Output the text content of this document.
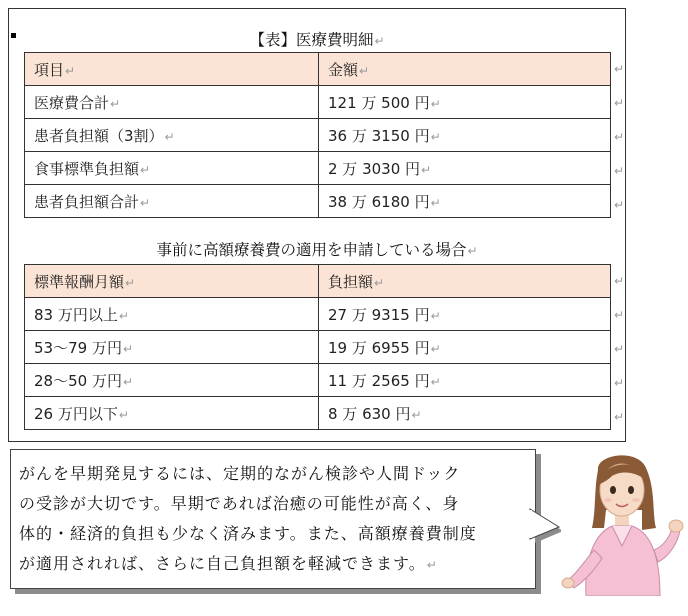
【表】医療費明細↵
項目↵	金額↵
医療費合計↵	121 万 500 円↵
患者負担額（3割）↵	36 万 3150 円↵
食事標準負担額↵	2 万 3030 円↵
患者負担額合計↵	38 万 6180 円↵
事前に高額療養費の適用を申請している場合↵
標準報酬月額↵	負担額↵
83 万円以上↵	27 万 9315 円↵
53〜79 万円↵	19 万 6955 円↵
28〜50 万円↵	11 万 2565 円↵
26 万円以下↵	8 万 630 円↵
↵
↵
↵
↵
↵
↵
↵
↵
↵
↵
がんを早期発見するには、定期的ながん検診や人間ドック
の受診が大切です。早期であれば治癒の可能性が高く、身
体的・経済的負担も少なく済みます。また、高額療養費制度
が適用されれば、さらに自己負担額を軽減できます。↵
